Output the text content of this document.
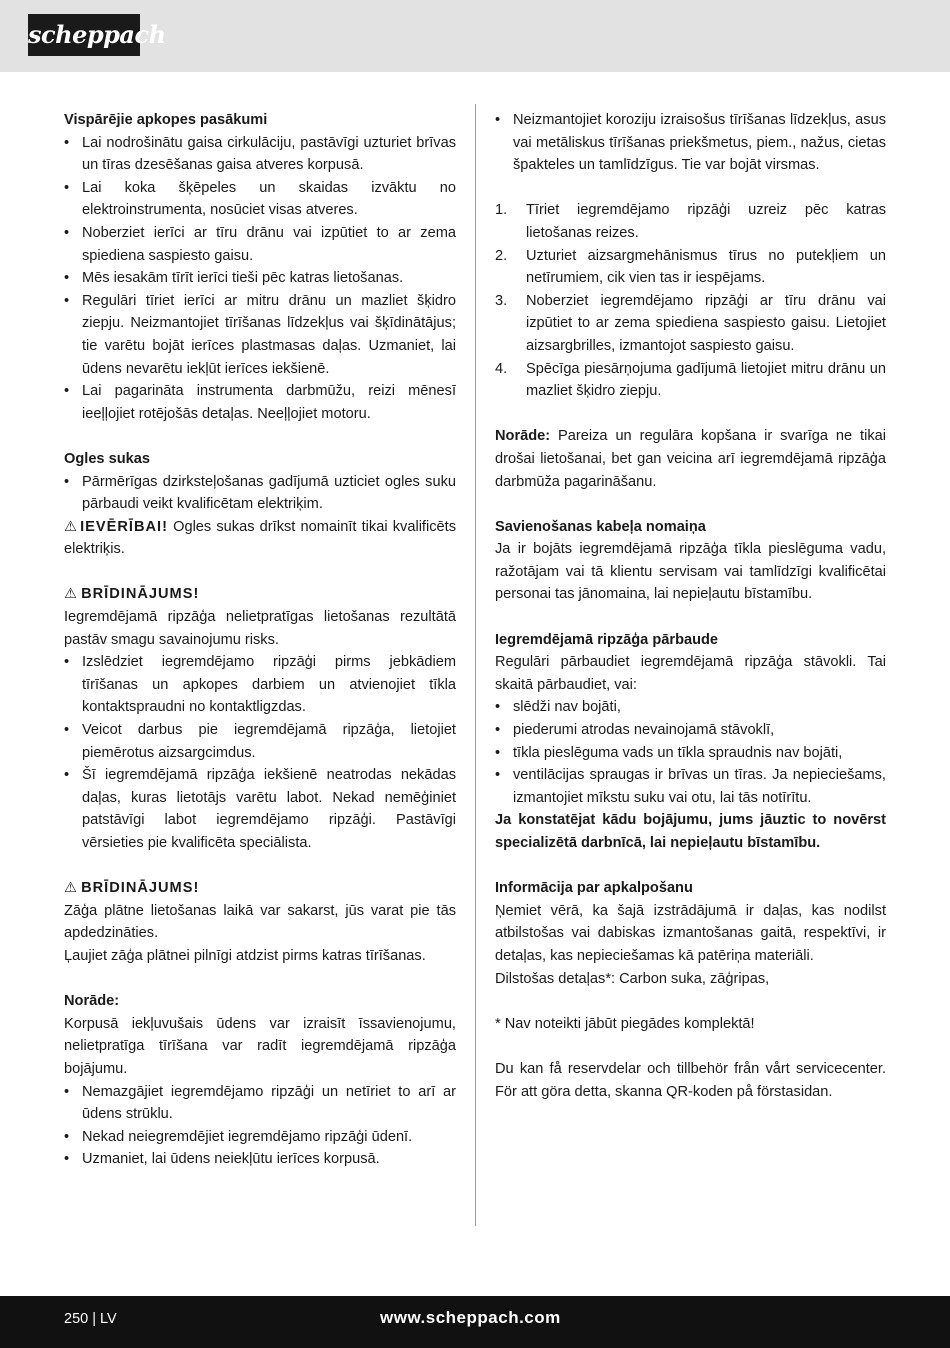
scheppach

Vispārējie apkopes pasākumi

• Lai nodrošinātu gaisa cirkulāciju, pastāvīgi uzturiet brīvas un tīras dzesēšanas gaisa atveres korpusā.
• Lai koka šķēpeles un skaidas izvāktu no elektroinstrumenta, nosūciet visas atveres.
• Noberziet ierīci ar tīru drānu vai izpūtiet to ar zema spiediena saspiesto gaisu.
• Mēs iesakām tīrīt ierīci tieši pēc katras lietošanas.
• Regulāri tīriet ierīci ar mitru drānu un mazliet šķidro ziepju. Neizmantojiet tīrīšanas līdzekļus vai šķīdinātājus; tie varētu bojāt ierīces plastmasas daļas. Uzmaniet, lai ūdens nevarētu iekļūt ierīces iekšienē.
• Lai pagarināta instrumenta darbmūžu, reizi mēnesī ieeļļojiet rotējošās detaļas. Neeļļojiet motoru.

Ogles sukas

• Pārmērīgas dzirksteļošanas gadījumā uzticiet ogles suku pārbaudi veikt kvalificētam elektriķim.

⚠ IEVĒRĪBAI! Ogles sukas drīkst nomainīt tikai kvalificēts elektriķis.

⚠ BRĪDINĀJUMS!

Iegremdējamā ripzāģa nelietpratīgas lietošanas rezultātā pastāv smagu savainojumu risks.

• Izslēdziet iegremdējamo ripzāģi pirms jebkādiem tīrīšanas un apkopes darbiem un atvienojiet tīkla kontaktspraudni no kontaktligzdas.
• Veicot darbus pie iegremdējamā ripzāģa, lietojiet piemērotus aizsargcimdus.
• Šī iegremdējamā ripzāģa iekšienē neatrodas nekādas daļas, kuras lietotājs varētu labot. Nekad nemēģiniet patstāvīgi labot iegremdējamo ripzāģi. Pastāvīgi vērsieties pie kvalificēta speciālista.

⚠ BRĪDINĀJUMS!

Zāģa plātne lietošanas laikā var sakarst, jūs varat pie tās apdedzināties.

Ļaujiet zāģa plātnei pilnīgi atdzist pirms katras tīrīšanas.

Norāde:

Korpusā iekļuvušais ūdens var izraisīt īssavienojumu, nelietpratīga tīrīšana var radīt iegremdējamā ripzāģa bojājumu.

• Nemazgājiet iegremdējamo ripzāģi un netīriet to arī ar ūdens strūklu.
• Nekad neiegremdējiet iegremdējamo ripzāģi ūdenī.
• Uzmaniet, lai ūdens neiekļūtu ierīces korpusā.
• Neizmantojiet koroziju izraisošus tīrīšanas līdzekļus, asus vai metāliskus tīrīšanas priekšmetus, piem., nažus, cietas špakteles un tamlīdzīgus. Tie var bojāt virsmas.
1. Tīriet iegremdējamo ripzāģi uzreiz pēc katras lietošanas reizes.
2. Uzturiet aizsargmehānismus tīrus no putekļiem un netīrumiem, cik vien tas ir iespējams.
3. Noberziet iegremdējamo ripzāģi ar tīru drānu vai izpūtiet to ar zema spiediena saspiesto gaisu. Lietojiet aizsargbrilles, izmantojot saspiesto gaisu.
4. Spēcīga piesārņojuma gadījumā lietojiet mitru drānu un mazliet šķidro ziepju.

Norāde: Pareiza un regulāra kopšana ir svarīga ne tikai drošai lietošanai, bet gan veicina arī iegremdējamā ripzāģa darbmūža pagarināšanu.

Savienošanas kabeļa nomaiņa

Ja ir bojāts iegremdējamā ripzāģa tīkla pieslēguma vadu, ražotājam vai tā klientu servisam vai tamlīdzīgi kvalificētai personai tas jānomaina, lai nepieļautu bīstamību.

Iegremdējamā ripzāģa pārbaude

Regulāri pārbaudiet iegremdējamā ripzāģa stāvokli. Tai skaitā pārbaudiet, vai:

• slēdži nav bojāti,
• piederumi atrodas nevainojamā stāvoklī,
• tīkla pieslēguma vads un tīkla spraudnis nav bojāti,
• ventilācijas spraugas ir brīvas un tīras. Ja nepieciešams, izmantojiet mīkstu suku vai otu, lai tās notīrītu.

Ja konstatējat kādu bojājumu, jums jāuztic to novērst specializētā darbnīcā, lai nepieļautu bīstamību.

Informācija par apkalpošanu

Ņemiet vērā, ka šajā izstrādājumā ir daļas, kas nodilst atbilstošas vai dabiskas izmantošanas gaitā, respektīvi, ir detaļas, kas nepieciešamas kā patēriņa materiāli.

Dilstošas detaļas*: Carbon suka, zāģripas,

* Nav noteikti jābūt piegādes komplektā!

Du kan få reservdelar och tillbehör från vårt servicecenter. För att göra detta, skanna QR-koden på förstasidan.

250 | LV	www.scheppach.com
